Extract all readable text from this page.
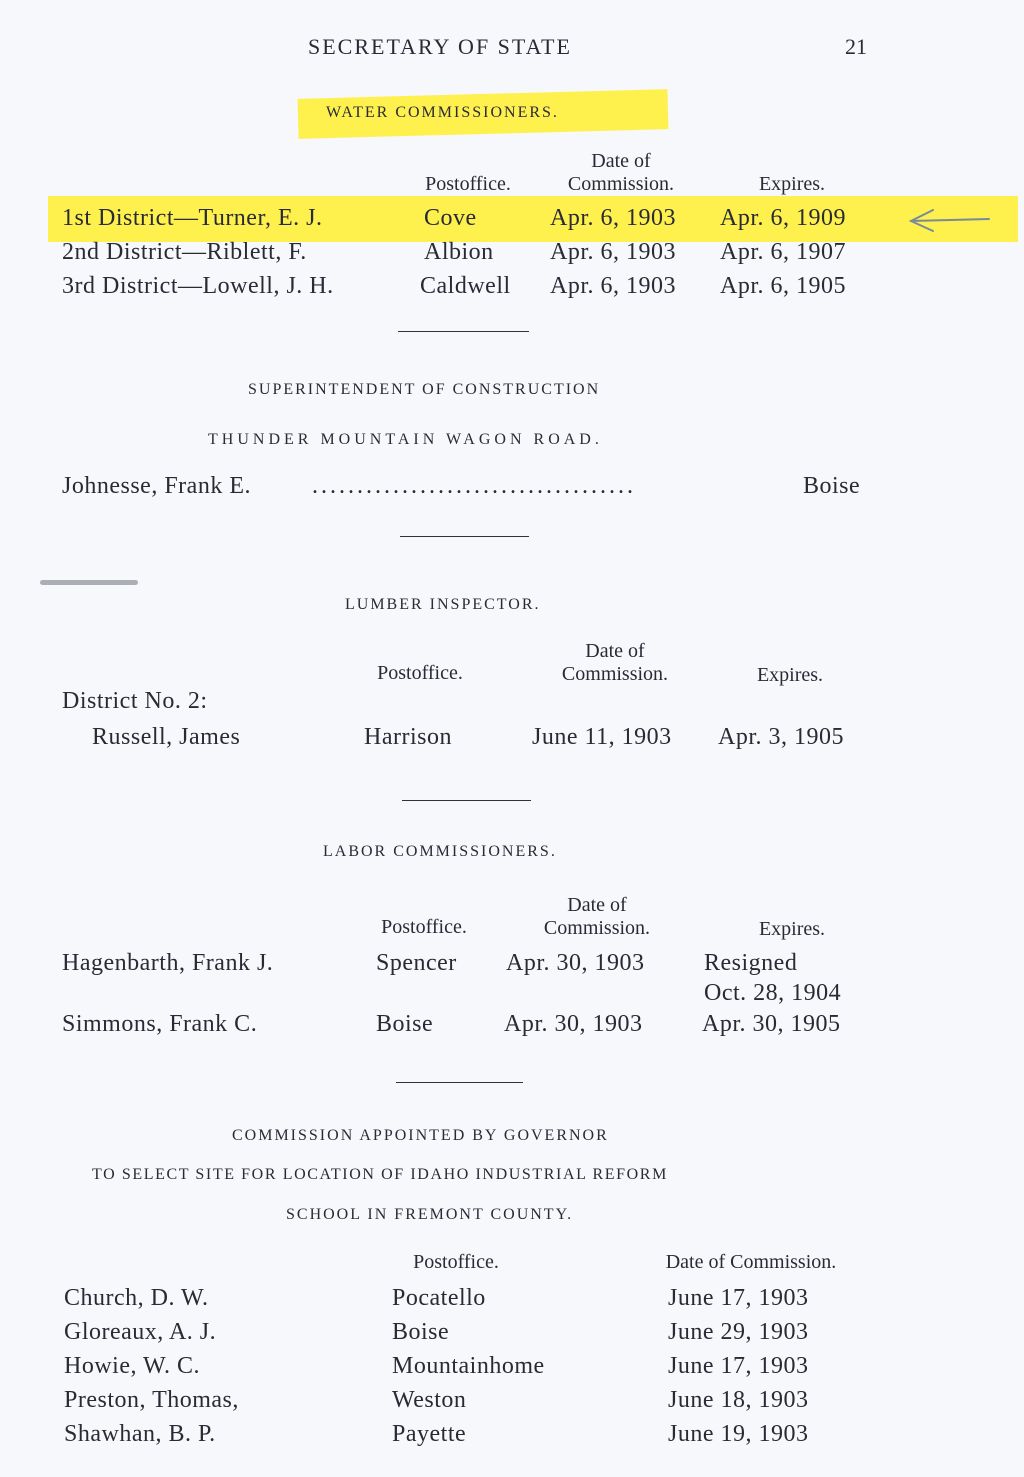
SECRETARY OF STATE	21
WATER COMMISSIONERS.
Postoffice.
Date of
Commission.	Expires.
1st District—Turner, E. J.	Cove	Apr. 6, 1903 Apr. 6, 1909
2nd District—Riblett, F.	Albion Apr. 6, 1903 Apr. 6, 1907
3rd District—Lowell, J. H.	Caldwell Apr. 6, 1903 Apr. 6, 1905
SUPERINTENDENT OF CONSTRUCTION
THUNDER MOUNTAIN WAGON ROAD.
Johnesse, Frank E.	....................................	Boise
LUMBER INSPECTOR.
Postoffice.
Date of
Commission.	Expires.
District No. 2:
Russell, James	Harrison	June 11, 1903 Apr. 3, 1905
LABOR COMMISSIONERS.
Postoffice.
Date of
Commission.	Expires.
Hagenbarth, Frank J.	Spencer Apr. 30, 1903 Resigned
Oct. 28, 1904
Simmons, Frank C.	Boise	Apr. 30, 1903 Apr. 30, 1905
COMMISSION APPOINTED BY GOVERNOR
TO SELECT SITE FOR LOCATION OF IDAHO INDUSTRIAL REFORM
SCHOOL IN FREMONT COUNTY.
Postoffice.	Date of Commission.
Church, D. W.	Pocatello	June 17, 1903
Gloreaux, A. J.	Boise	June 29, 1903
Howie, W. C.	Mountainhome	June 17, 1903
Preston, Thomas,	Weston	June 18, 1903
Shawhan, B. P.	Payette	June 19, 1903
